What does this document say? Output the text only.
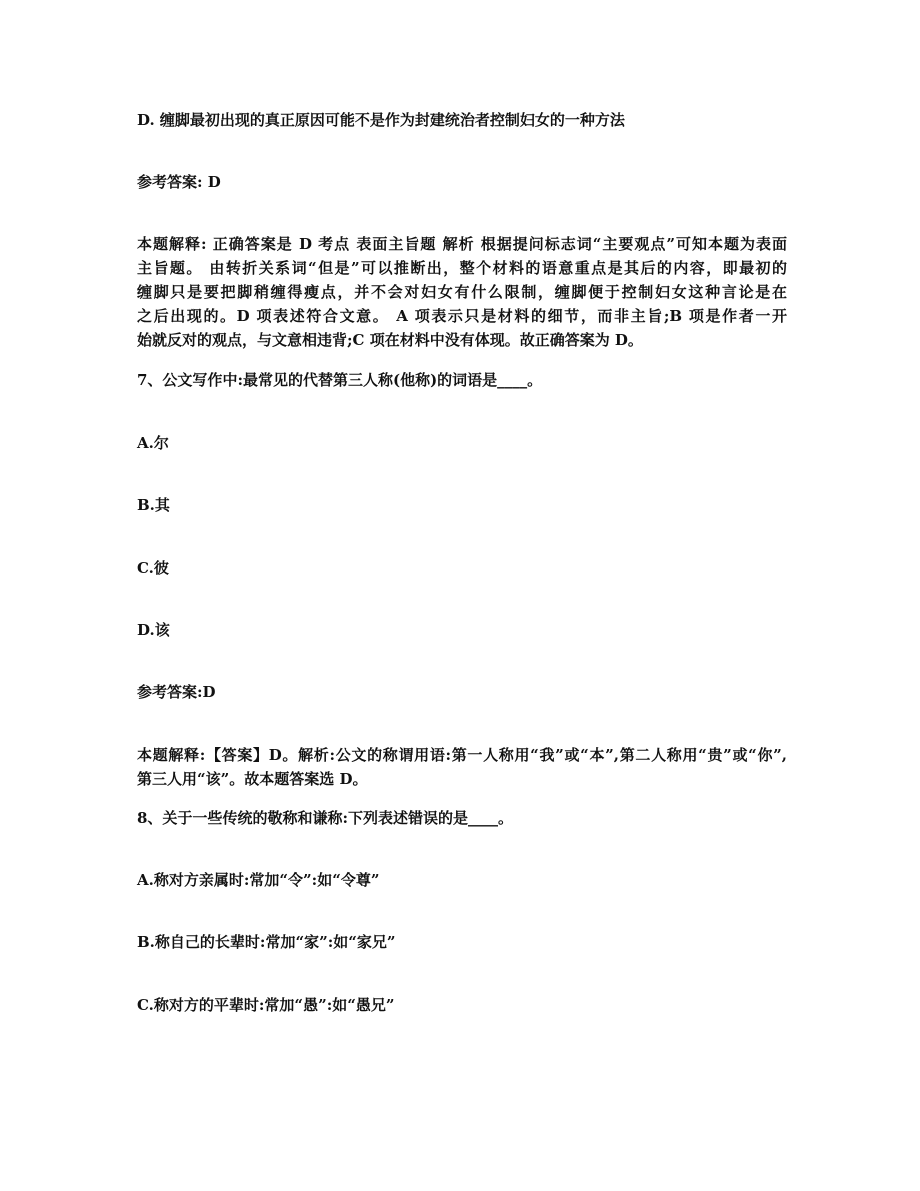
D. 缠脚最初出现的真正原因可能不是作为封建统治者控制妇女的一种方法
参考答案: D
本题解释: 正确答案是 D 考点 表面主旨题 解析 根据提问标志词“主要观点”可知本题为表面
主旨题。 由转折关系词“但是”可以推断出，整个材料的语意重点是其后的内容，即最初的
缠脚只是要把脚稍缠得瘦点，并不会对妇女有什么限制，缠脚便于控制妇女这种言论是在
之后出现的。D 项表述符合文意。 A 项表示只是材料的细节，而非主旨;B 项是作者一开
始就反对的观点，与文意相违背;C 项在材料中没有体现。故正确答案为 D。
7、公文写作中:最常见的代替第三人称(他称)的词语是____。
A.尔
B.其
C.彼
D.该
参考答案:D
本题解释:【答案】D。解析:公文的称谓用语:第一人称用“我”或“本”,第二人称用“贵”或“你”,
第三人用“该”。故本题答案选 D。
8、关于一些传统的敬称和谦称:下列表述错误的是____。
A.称对方亲属时:常加“令”:如“令尊”
B.称自己的长辈时:常加“家”:如“家兄”
C.称对方的平辈时:常加“愚”:如“愚兄”
